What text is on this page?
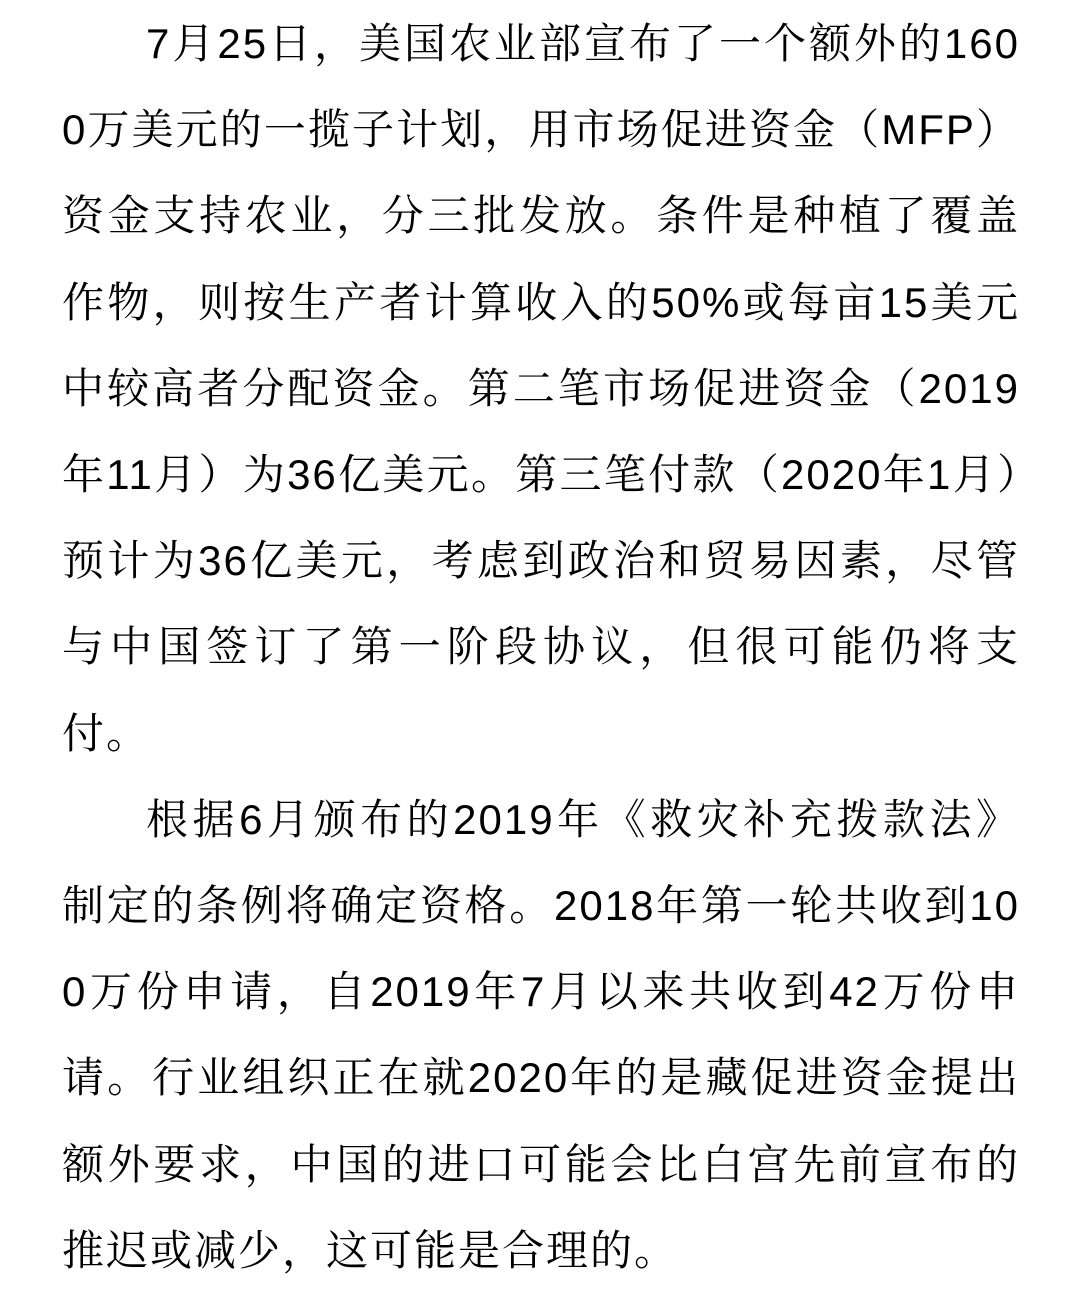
7月25日，美国农业部宣布了一个额外的1600万美元的一揽子计划，用市场促进资金（MFP）资金支持农业，分三批发放。条件是种植了覆盖作物，则按生产者计算收入的50%或每亩15美元中较高者分配资金。第二笔市场促进资金（2019年11月）为36亿美元。第三笔付款（2020年1月）预计为36亿美元，考虑到政治和贸易因素，尽管与中国签订了第一阶段协议，但很可能仍将支付。

根据6月颁布的2019年《救灾补充拨款法》制定的条例将确定资格。2018年第一轮共收到100万份申请，自2019年7月以来共收到42万份申请。行业组织正在就2020年的是藏促进资金提出额外要求，中国的进口可能会比白宫先前宣布的推迟或减少，这可能是合理的。
